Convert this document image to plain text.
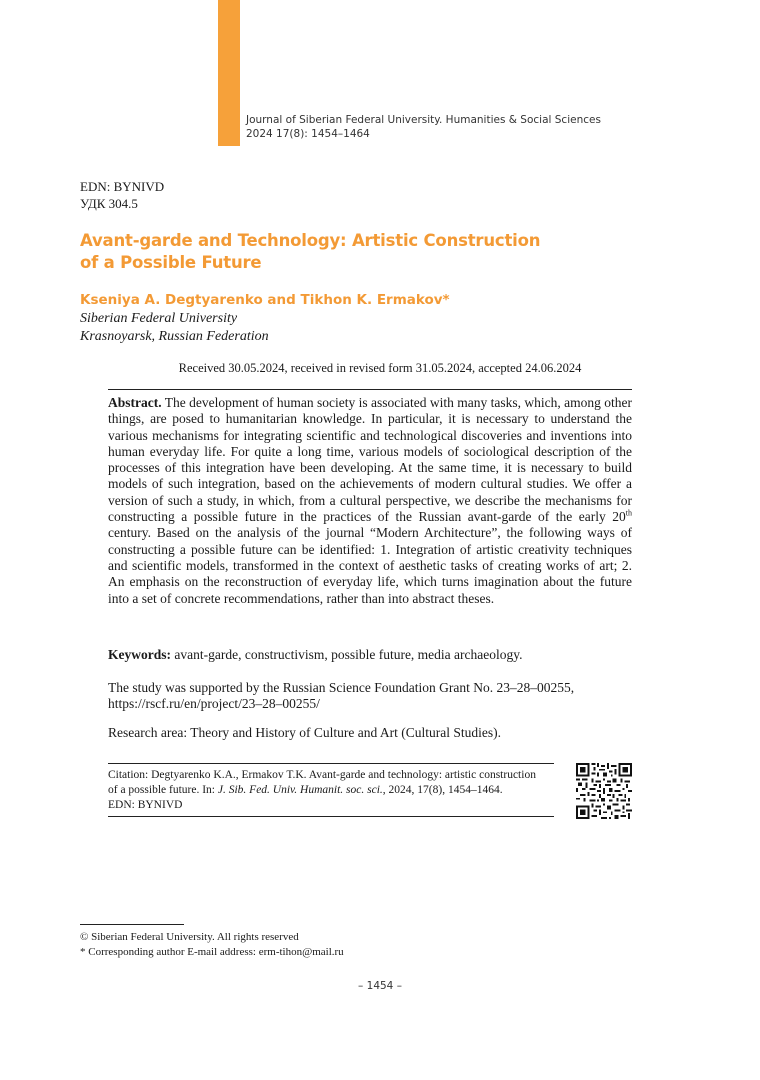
Journal of Siberian Federal University. Humanities & Social Sciences
2024 17(8): 1454–1464
EDN: BYNIVD
УДК 304.5
Avant-garde and Technology: Artistic Construction
of a Possible Future
Kseniya A. Degtyarenko and Tikhon K. Ermakov*
Siberian Federal University
Krasnoyarsk, Russian Federation
Received 30.05.2024, received in revised form 31.05.2024, accepted 24.06.2024

Abstract. The development of human society is associated with many tasks, which, among other things, are posed to humanitarian knowledge. In particular, it is necessary to understand the various mechanisms for integrating scientific and technological discoveries and inventions into human everyday life. For quite a long time, various models of sociological description of the processes of this integration have been developing. At the same time, it is necessary to build models of such integration, based on the achievements of modern cultural studies. We offer a version of such a study, in which, from a cultural perspective, we describe the mechanisms for constructing a possible future in the practices of the Russian avant-garde of the early 20th century. Based on the analysis of the journal “Modern Architecture”, the following ways of constructing a possible future can be identified: 1. Integration of artistic creativity techniques and scientific models, transformed in the context of aesthetic tasks of creating works of art; 2. An emphasis on the reconstruction of everyday life, which turns imagination about the future into a set of concrete recommendations, rather than into abstract theses.

Keywords: avant-garde, constructivism, possible future, media archaeology.

The study was supported by the Russian Science Foundation Grant No. 23–28–00255,
https://rscf.ru/en/project/23–28–00255/
Research area: Theory and History of Culture and Art (Cultural Studies).
Citation: Degtyarenko K.A., Ermakov T.K. Avant-garde and technology: artistic construction
of a possible future. In: J. Sib. Fed. Univ. Humanit. soc. sci., 2024, 17(8), 1454–1464.
EDN: BYNIVD
© Siberian Federal University. All rights reserved
* Corresponding author E-mail address: erm-tihon@mail.ru
– 1454 –
